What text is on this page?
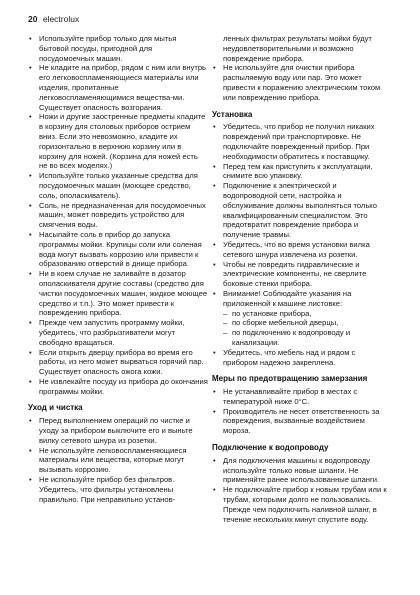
20 electrolux
• Используйте прибор только для мытья бытовой посуды, пригодной для посудомоечных машин.
• Не кладите на прибор, рядом с ним или внутрь его легковоспламеняющиеся материалы или изделия, пропитанные легковоспламеняющимися вещества-ми. Существует опасность возгорания.
• Ножи и другие заостренные предметы кладите в корзину для столовых приборов острием вниз. Если это невозможно, кладите их горизонтально в верхнюю корзину или в корзину для ножей. (Корзина для ножей есть не во всех моделях.)
• Используйте только указанные средства для посудомоечных машин (моющее средство, соль, ополаскиватель).
• Соль, не предназначенная для посудомоечных машин, может повредить устройство для смягчения воды.
• Насыпайте соль в прибор до запуска программы мойки. Крупицы соли или соленая вода могут вызвать коррозию или привести к образованию отверстий в днище прибора.
• Ни в коем случае не заливайте в дозатор ополаскивателя другие составы (средство для чистки посудомоечных машин, жидкое моющее средство и т.п.). Это может привести к повреждению прибора.
• Прежде чем запустить программу мойки, убедитесь, что разбрызгиватели могут свободно вращаться.
• Если открыть дверцу прибора во время его работы, из него может вырваться горячий пар. Существует опасность ожога кожи.
• Не извлекайте посуду из прибора до окончания программы мойки.
Уход и чистка
• Перед выполнением операций по чистке и уходу за прибором выключите его и выньте вилку сетевого шнура из розетки.
• Не используйте легковоспламеняющиеся материалы или вещества, которые могут вызывать коррозию.
• Не используйте прибор без фильтров. Убедитесь, что фильтры установлены правильно. При неправильно установ-
ленных фильтрах результаты мойки будут неудовлетворительными и возможно повреждение прибора.
• Не используйте для очистки прибора распыляемую воду или пар. Это может привести к поражению электрическим током или повреждению прибора.
Установка
• Убедитесь, что прибор не получил никаких повреждений при транспортировке. Не подключайте поврежденный прибор. При необходимости обратитесь к поставщику.
• Перед тем как приступить к эксплуатации, снимите всю упаковку.
• Подключение к электрической и водопроводной сети, настройка и обслуживание должны выполняться только квалифицированным специалистом. Это предотвратит повреждение прибора и получение травмы.
• Убедитесь, что во время установки вилка сетевого шнура извлечена из розетки.
• Чтобы не повредить гидравлические и электрические компоненты, не сверлите боковые стенки прибора.
• Внимание! Соблюдайте указания на приложенной к машине листовке:
– по установке прибора,
– по сборке мебельной дверцы,
– по подключению к водопроводу и канализации.
• Убедитесь, что мебель над и рядом с прибором надежно закреплена.
Меры по предотвращению замерзания
• Не устанавливайте прибор в местах с температурой ниже 0°C.
• Производитель не несет ответственность за повреждения, вызванные воздействием мороза.
Подключение к водопроводу
• Для подключения машины к водопроводу используйте только новые шланги. Не применяйте ранее использованные шланги.
• Не подключайте прибор к новым трубам или к трубам, которыми долго не пользовались. Прежде чем подключить наливной шланг, в течение нескольких минут спустите воду.
